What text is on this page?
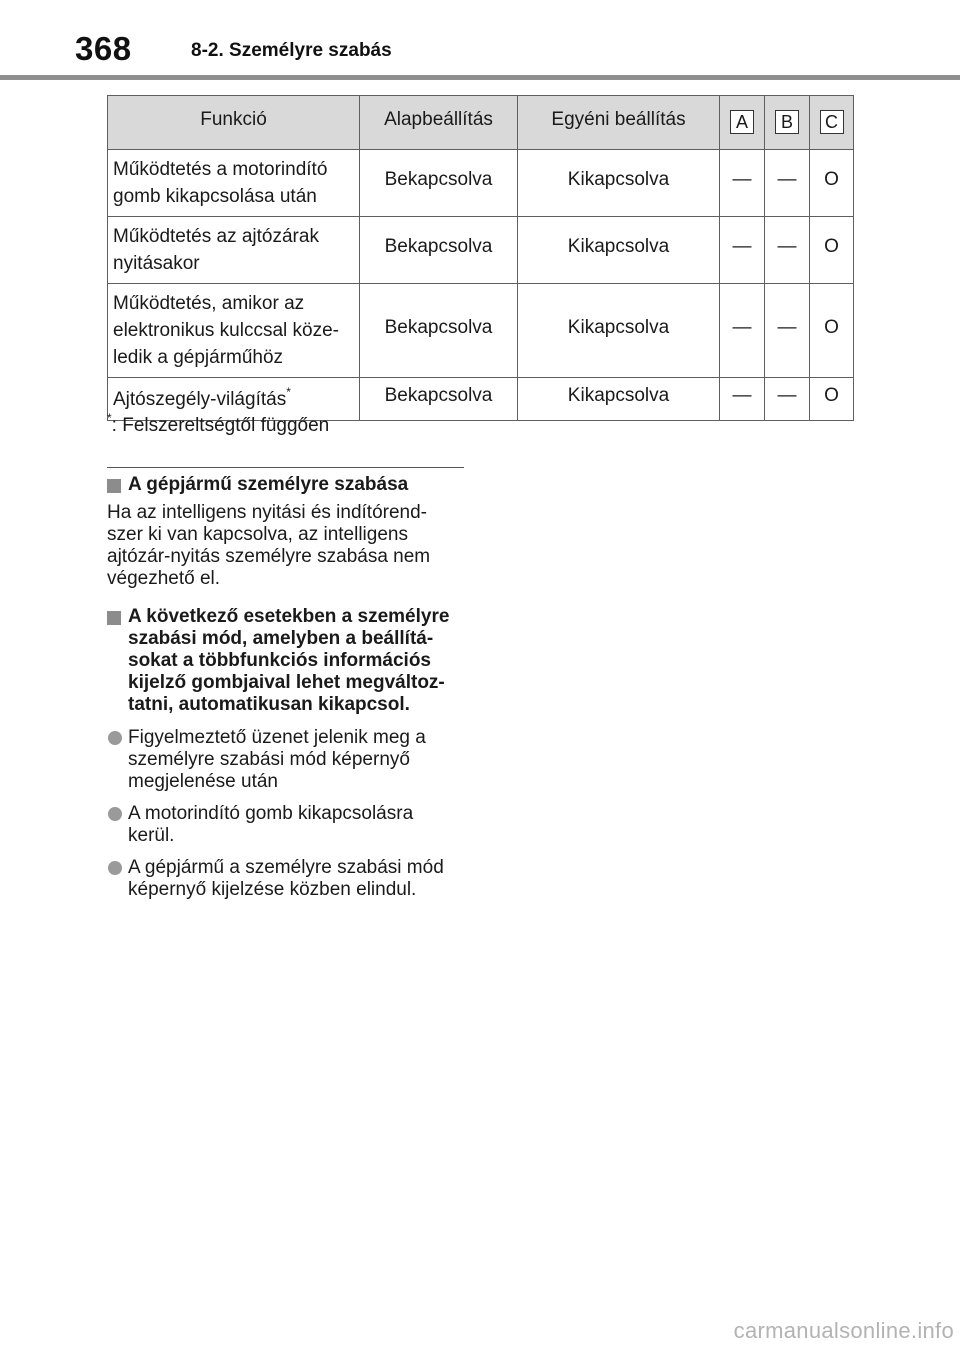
368	8-2. Személyre szabás
Funkció	Alapbeállítás	Egyéni beállítás	A	B	C
Működtetés a motorindító
gomb kikapcsolása után	Bekapcsolva	Kikapcsolva	—	—	O
Működtetés az ajtózárak
nyitásakor	Bekapcsolva	Kikapcsolva	—	—	O
Működtetés, amikor az
elektronikus kulccsal köze-
ledik a gépjárműhöz	Bekapcsolva	Kikapcsolva	—	—	O
Ajtószegély-világítás*	Bekapcsolva	Kikapcsolva	—	—	O
*: Felszereltségtől függően
A gépjármű személyre szabása
Ha az intelligens nyitási és indítórend-
szer ki van kapcsolva, az intelligens
ajtózár-nyitás személyre szabása nem
végezhető el.
A következő esetekben a személyre
szabási mód, amelyben a beállítá-
sokat a többfunkciós információs
kijelző gombjaival lehet megváltoz-
tatni, automatikusan kikapcsol.
Figyelmeztető üzenet jelenik meg a
személyre szabási mód képernyő
megjelenése után
A motorindító gomb kikapcsolásra
kerül.
A gépjármű a személyre szabási mód
képernyő kijelzése közben elindul.
carmanualsonline.info
